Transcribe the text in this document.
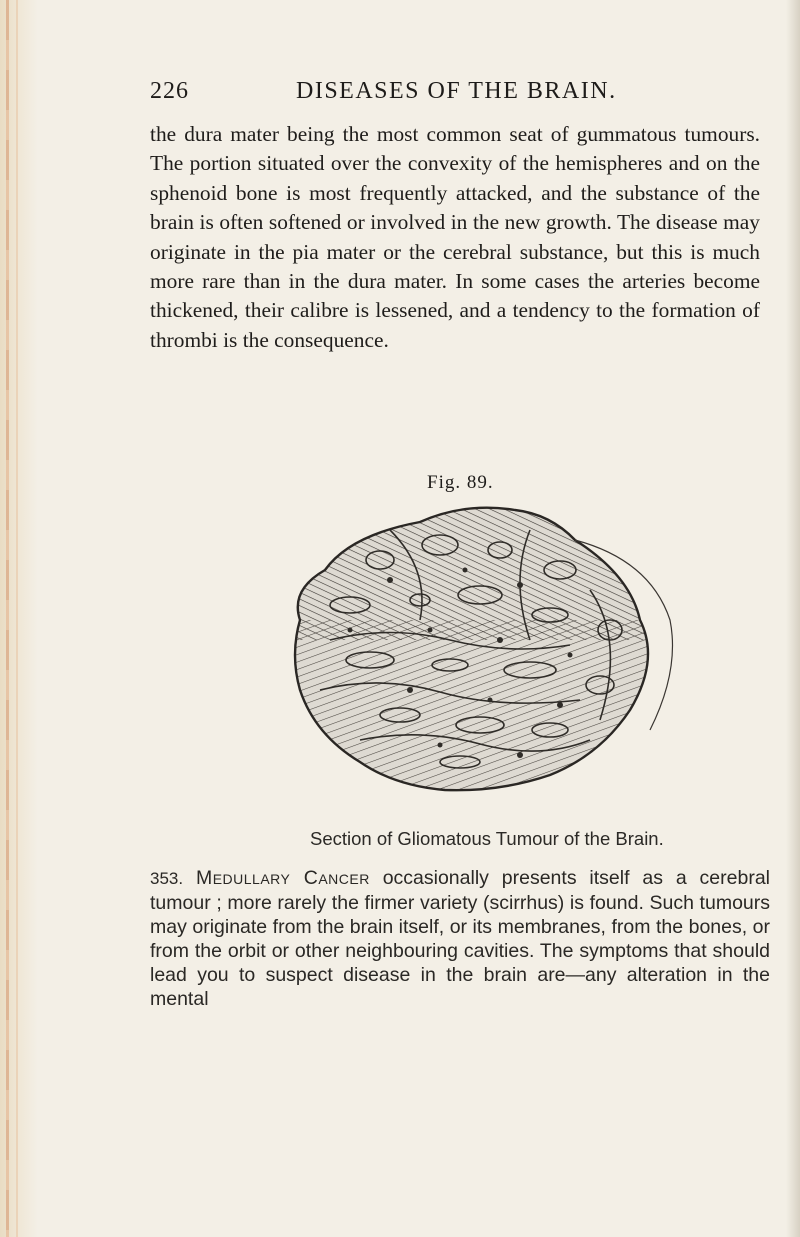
226	DISEASES OF THE BRAIN.

the dura mater being the most common seat of gummatous tumours. The portion situated over the convexity of the hemispheres and on the sphenoid bone is most frequently attacked, and the substance of the brain is often softened or involved in the new growth. The disease may originate in the pia mater or the cerebral substance, but this is much more rare than in the dura mater. In some cases the arteries become thickened, their calibre is lessened, and a tendency to the formation of thrombi is the consequence.

Fig. 89.

Section of Gliomatous Tumour of the Brain.

353. Medullary Cancer occasionally presents itself as a cerebral tumour ; more rarely the firmer variety (scirrhus) is found. Such tumours may originate from the brain itself, or its membranes, from the bones, or from the orbit or other neighbouring cavities. The symptoms that should lead you to suspect disease in the brain are—any alteration in the mental
